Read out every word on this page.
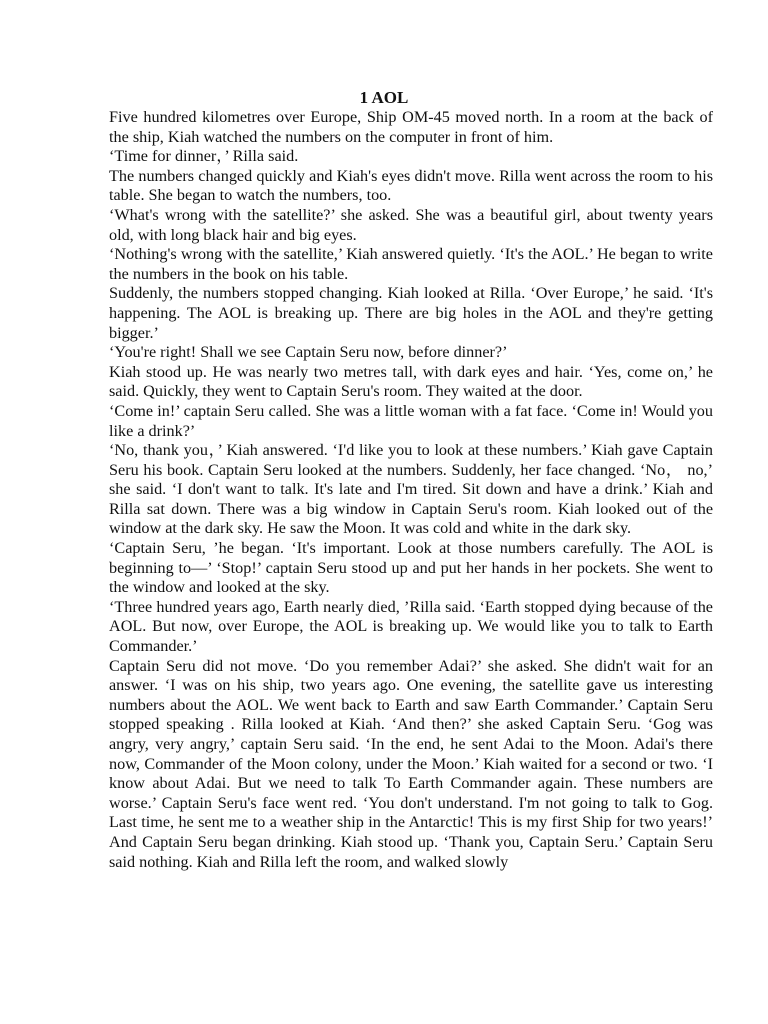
1 AOL

Five hundred kilometres over Europe, Ship OM-45 moved north. In a room at the back of the ship, Kiah watched the numbers on the computer in front of him.

‘Time for dinner，’ Rilla said.

The numbers changed quickly and Kiah's eyes didn't move. Rilla went across the room to his table. She began to watch the numbers, too.

‘What's wrong with the satellite?’ she asked. She was a beautiful girl, about twenty years old, with long black hair and big eyes.

‘Nothing's wrong with the satellite,’ Kiah answered quietly. ‘It's the AOL.’ He began to write the numbers in the book on his table.

Suddenly, the numbers stopped changing. Kiah looked at Rilla. ‘Over Europe,’ he said. ‘It's happening. The AOL is breaking up. There are big holes in the AOL and they're getting bigger.’

‘You're right! Shall we see Captain Seru now, before dinner?’

Kiah stood up. He was nearly two metres tall, with dark eyes and hair. ‘Yes, come on,’ he said. Quickly, they went to Captain Seru's room. They waited at the door.

‘Come in!’ captain Seru called. She was a little woman with a fat face. ‘Come in! Would you like a drink?’

‘No, thank you，’ Kiah answered. ‘I'd like you to look at these numbers.’ Kiah gave Captain Seru his book. Captain Seru looked at the numbers. Suddenly, her face changed. ‘No， no,’ she said. ‘I don't want to talk. It's late and I'm tired. Sit down and have a drink.’ Kiah and Rilla sat down. There was a big window in Captain Seru's room. Kiah looked out of the window at the dark sky. He saw the Moon. It was cold and white in the dark sky.

‘Captain Seru, ’he began. ‘It's important. Look at those numbers carefully. The AOL is beginning to—’ ‘Stop!’ captain Seru stood up and put her hands in her pockets. She went to the window and looked at the sky.

‘Three hundred years ago, Earth nearly died, ’Rilla said. ‘Earth stopped dying because of the AOL. But now, over Europe, the AOL is breaking up. We would like you to talk to Earth Commander.’

Captain Seru did not move. ‘Do you remember Adai?’ she asked. She didn't wait for an answer. ‘I was on his ship, two years ago. One evening, the satellite gave us interesting numbers about the AOL. We went back to Earth and saw Earth Commander.’ Captain Seru stopped speaking . Rilla looked at Kiah. ‘And then?’ she asked Captain Seru. ‘Gog was angry, very angry,’ captain Seru said. ‘In the end, he sent Adai to the Moon. Adai's there now, Commander of the Moon colony, under the Moon.’ Kiah waited for a second or two. ‘I know about Adai. But we need to talk To Earth Commander again. These numbers are worse.’ Captain Seru's face went red. ‘You don't understand. I'm not going to talk to Gog. Last time, he sent me to a weather ship in the Antarctic! This is my first Ship for two years!’ And Captain Seru began drinking. Kiah stood up. ‘Thank you, Captain Seru.’ Captain Seru said nothing. Kiah and Rilla left the room, and walked slowly
